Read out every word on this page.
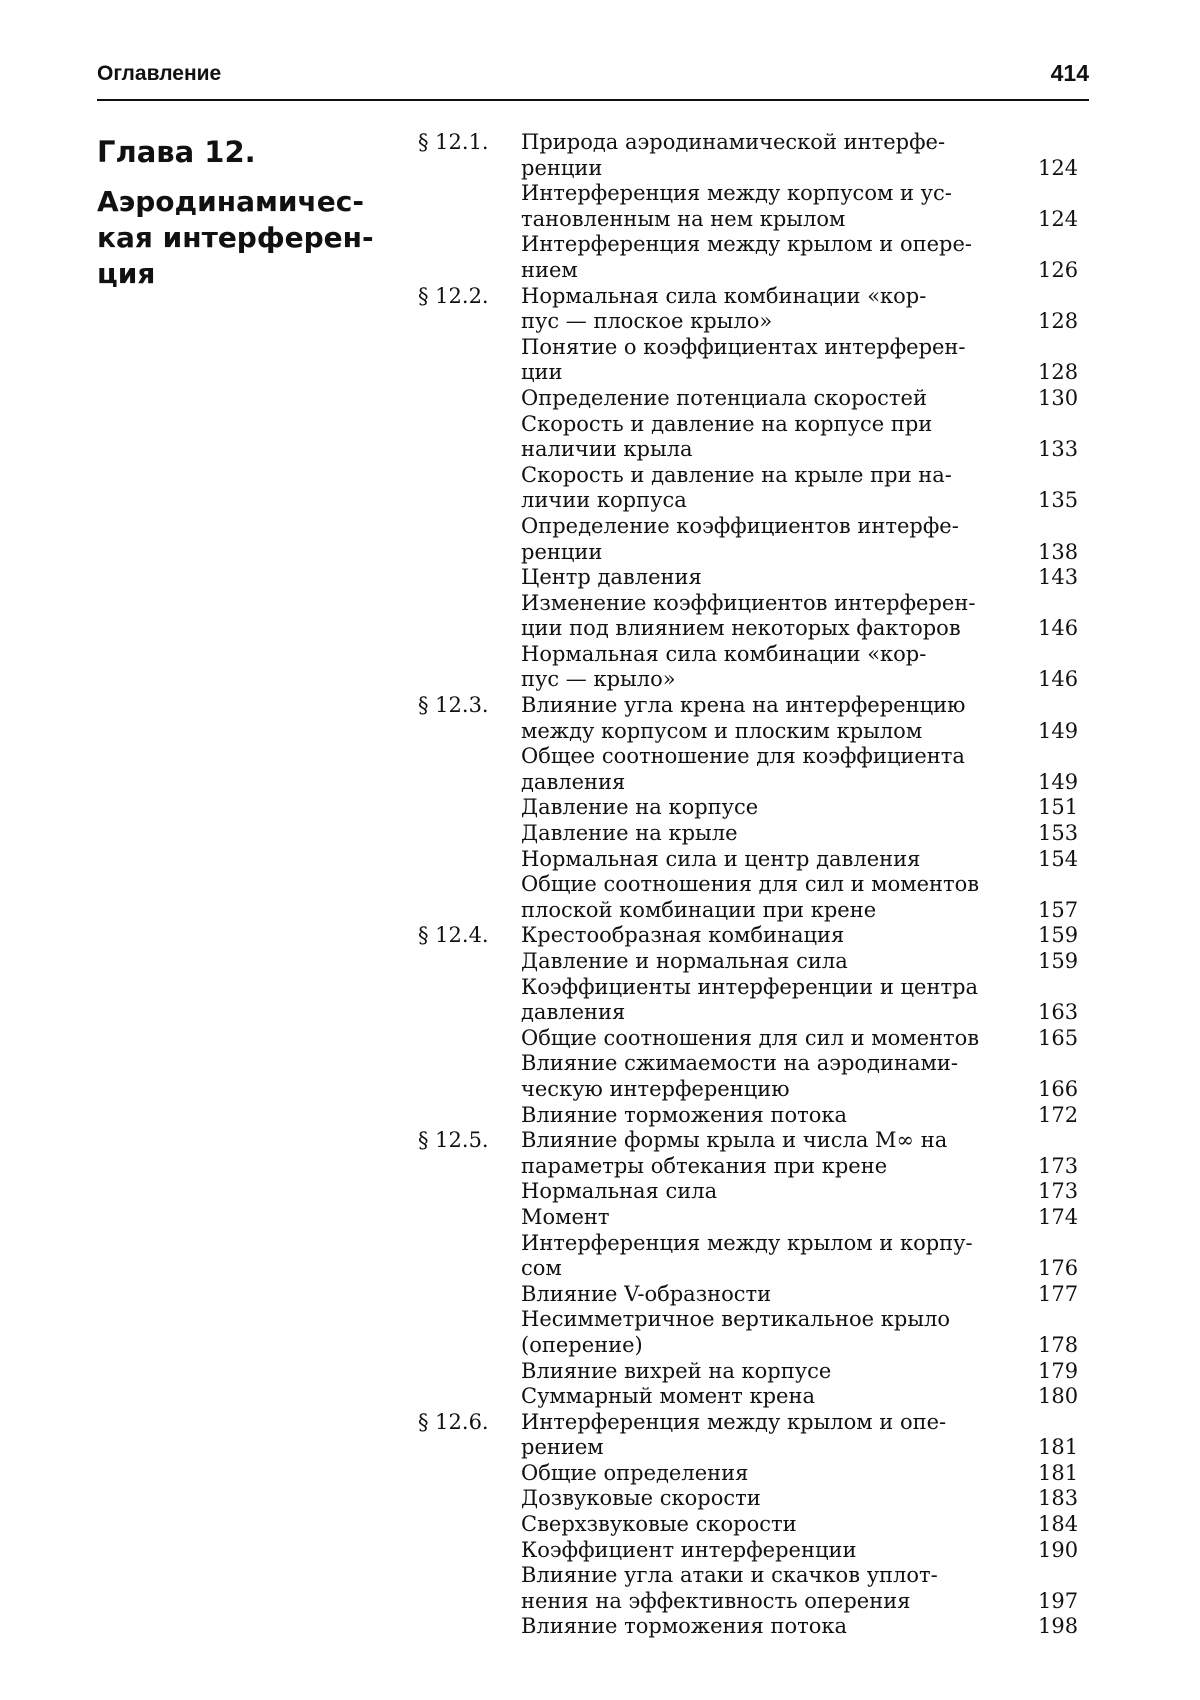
Оглавление	414
Глава 12.
Аэродинамичес-
кая интерферен-
ция
§ 12.1.	Природа аэродинамической интерфе-
ренции	124
Интерференция между корпусом и ус-
тановленным на нем крылом	124
Интерференция между крылом и опере-
нием	126
§ 12.2.	Нормальная сила комбинации «кор-
пус — плоское крыло»	128
Понятие о коэффициентах интерферен-
ции	128
Определение потенциала скоростей	130
Скорость и давление на корпусе при
наличии крыла	133
Скорость и давление на крыле при на-
личии корпуса	135
Определение коэффициентов интерфе-
ренции	138
Центр давления	143
Изменение коэффициентов интерферен-
ции под влиянием некоторых факторов	146
Нормальная сила комбинации «кор-
пус — крыло»	146
§ 12.3.	Влияние угла крена на интерференцию
между корпусом и плоским крылом	149
Общее соотношение для коэффициента
давления	149
Давление на корпусе	151
Давление на крыле	153
Нормальная сила и центр давления	154
Общие соотношения для сил и моментов
плоской комбинации при крене	157
§ 12.4.	Крестообразная комбинация	159
Давление и нормальная сила	159
Коэффициенты интерференции и центра
давления	163
Общие соотношения для сил и моментов	165
Влияние сжимаемости на аэродинами-
ческую интерференцию	166
Влияние торможения потока	172
§ 12.5.	Влияние формы крыла и числа M∞ на
параметры обтекания при крене	173
Нормальная сила	173
Момент	174
Интерференция между крылом и корпу-
сом	176
Влияние V-образности	177
Несимметричное вертикальное крыло
(оперение)	178
Влияние вихрей на корпусе	179
Суммарный момент крена	180
§ 12.6.	Интерференция между крылом и опе-
рением	181
Общие определения	181
Дозвуковые скорости	183
Сверхзвуковые скорости	184
Коэффициент интерференции	190
Влияние угла атаки и скачков уплот-
нения на эффективность оперения	197
Влияние торможения потока	198
